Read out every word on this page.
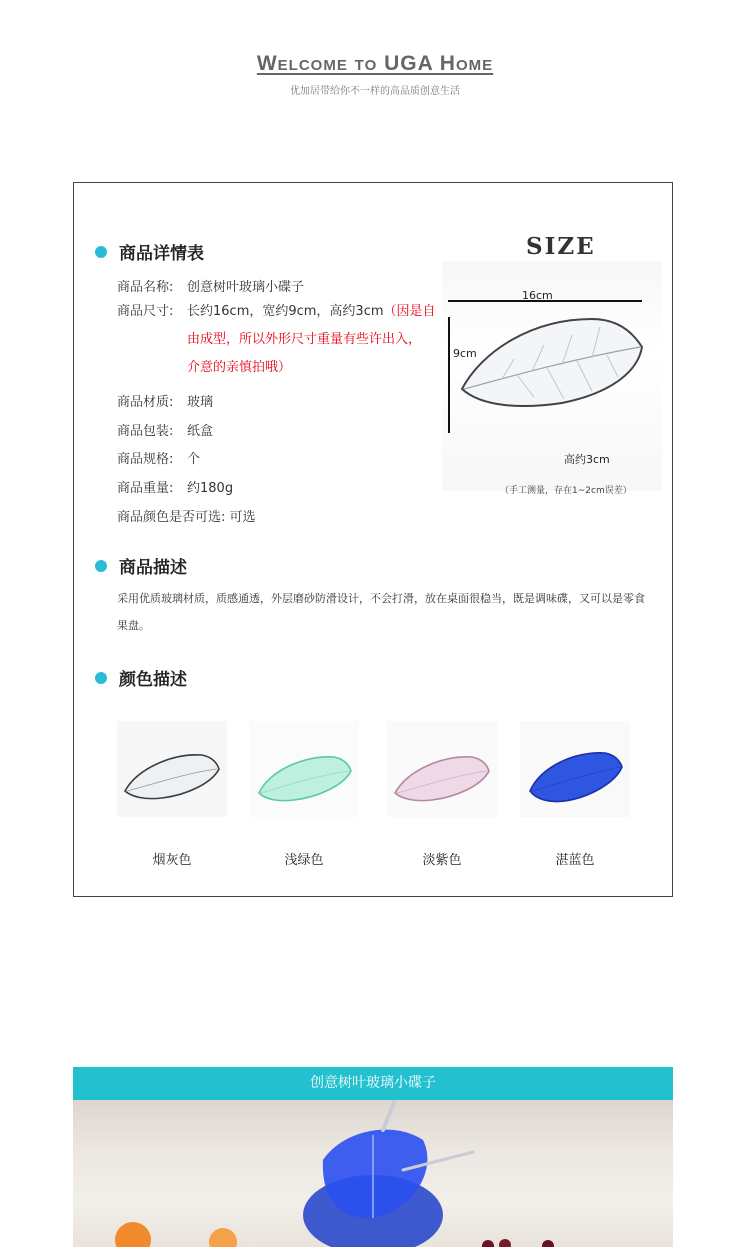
Welcome to UGA Home
优加居带给你不一样的高品质创意生活
商品详情表
商品名称: 创意树叶玻璃小碟子
商品尺寸: 长约16cm，宽约9cm，高约3cm（因是自
由成型，所以外形尺寸重量有些许出入，
介意的亲慎拍哦）
商品材质: 玻璃
商品包装: 纸盒
商品规格: 个
商品重量: 约180g
商品颜色是否可选: 可选
SIZE
16cm
9cm
高约3cm
（手工测量，存在1~2cm误差）
商品描述
采用优质玻璃材质，质感通透，外层磨砂防滑设计，不会打滑，放在桌面很稳当，既是调味碟，又可以是零食果盘。
颜色描述
烟灰色	浅绿色	淡紫色	湛蓝色
创意树叶玻璃小碟子
